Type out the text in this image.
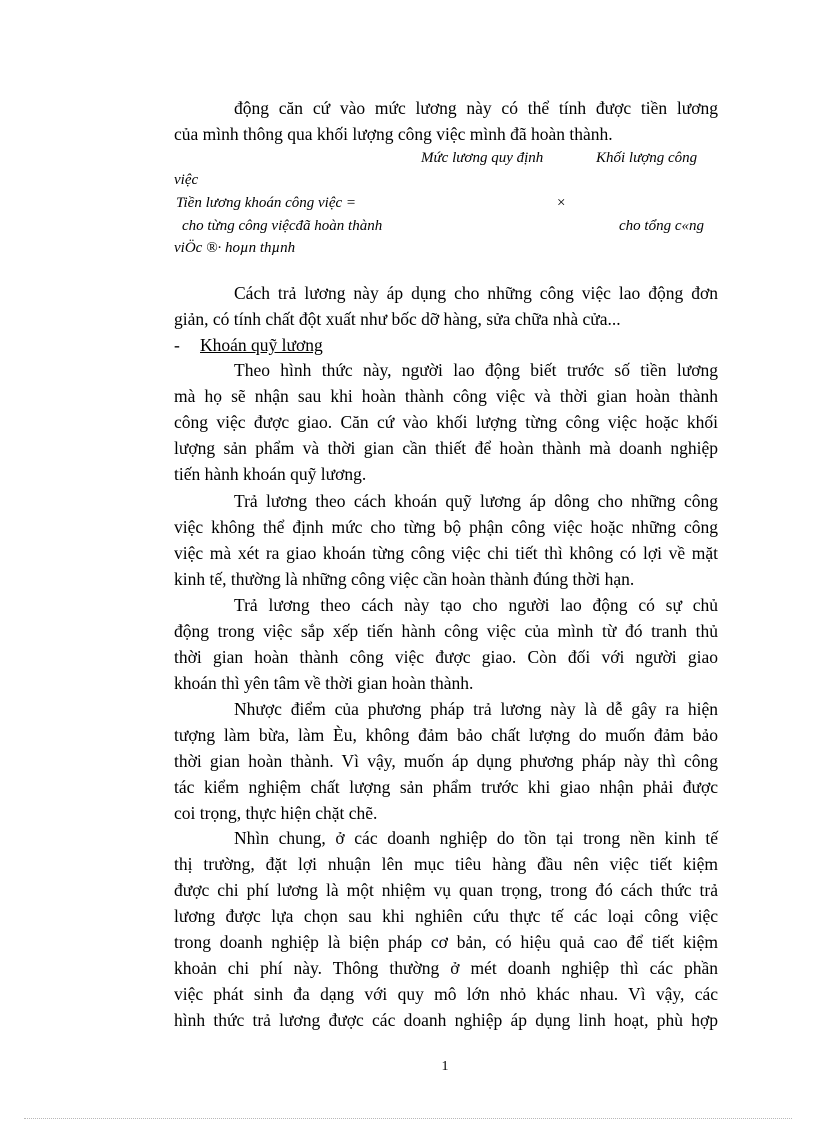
động căn cứ vào mức lương này có thể tính được tiền lương
của mình thông qua khối lượng công việc mình đã hoàn thành.
Mức lương quy định	Khối lượng công
việc
Tiền lương khoán công việc =	×
cho từng công việcđã hoàn thành	cho tổng c«ng
viÖc ®· hoµn thµnh
Cách trả lương này áp dụng cho những công việc lao động đơn
giản, có tính chất đột xuất như bốc dỡ hàng, sửa chữa nhà cửa...
- Khoán quỹ lương
Theo hình thức này, người lao động biết trước số tiền lương
mà họ sẽ nhận sau khi hoàn thành công việc và thời gian hoàn thành
công việc được giao. Căn cứ vào khối lượng từng công việc hoặc khối
lượng sản phẩm và thời gian cần thiết để hoàn thành mà doanh nghiệp
tiến hành khoán quỹ lương.
Trả lương theo cách khoán quỹ lương áp dông cho những công
việc không thể định mức cho từng bộ phận công việc hoặc những công
việc mà xét ra giao khoán từng công việc chi tiết thì không có lợi về mặt
kinh tế, thường là những công việc cần hoàn thành đúng thời hạn.
Trả lương theo cách này tạo cho người lao động có sự chủ
động trong việc sắp xếp tiến hành công việc của mình từ đó tranh thủ
thời gian hoàn thành công việc được giao. Còn đối với người giao
khoán thì yên tâm về thời gian hoàn thành.
Nhược điểm của phương pháp trả lương này là dễ gây ra hiện
tượng làm bừa, làm Èu, không đảm bảo chất lượng do muốn đảm bảo
thời gian hoàn thành. Vì vậy, muốn áp dụng phương pháp này thì công
tác kiểm nghiệm chất lượng sản phẩm trước khi giao nhận phải được
coi trọng, thực hiện chặt chẽ.
Nhìn chung, ở các doanh nghiệp do tồn tại trong nền kinh tế
thị trường, đặt lợi nhuận lên mục tiêu hàng đầu nên việc tiết kiệm
được chi phí lương là một nhiệm vụ quan trọng, trong đó cách thức trả
lương được lựa chọn sau khi nghiên cứu thực tế các loại công việc
trong doanh nghiệp là biện pháp cơ bản, có hiệu quả cao để tiết kiệm
khoản chi phí này. Thông thường ở mét doanh nghiệp thì các phần
việc phát sinh đa dạng với quy mô lớn nhỏ khác nhau. Vì vậy, các
hình thức trả lương được các doanh nghiệp áp dụng linh hoạt, phù hợp
1
